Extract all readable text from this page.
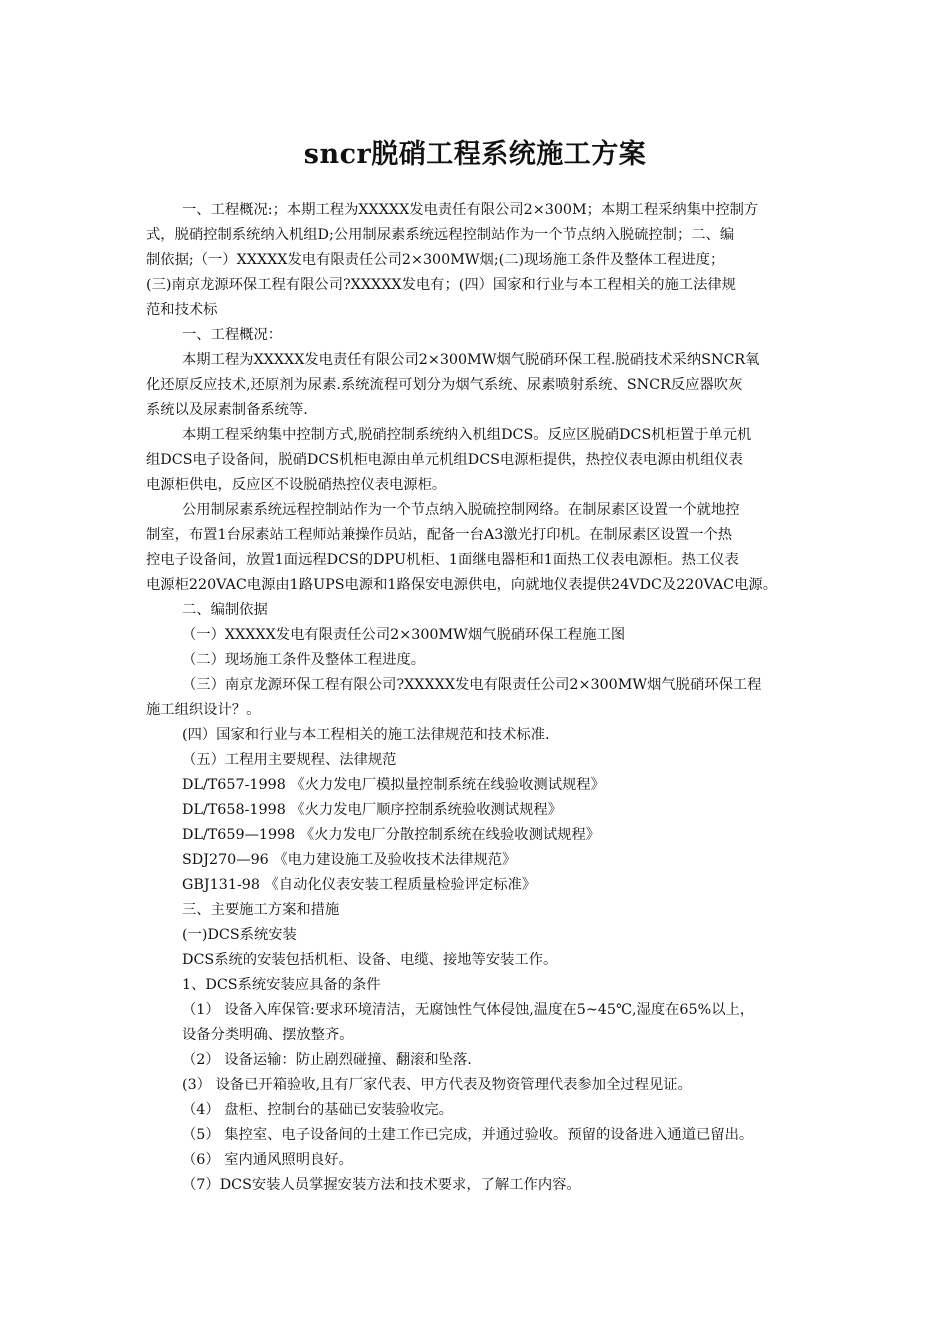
sncr脱硝工程系统施工方案
一、工程概况:；本期工程为XXXXX发电责任有限公司2×300M；本期工程采纳集中控制方
式，脱硝控制系统纳入机组D;公用制尿素系统远程控制站作为一个节点纳入脱硫控制；二、编
制依据;（一）XXXXX发电有限责任公司2×300MW烟;(二)现场施工条件及整体工程进度；
(三)南京龙源环保工程有限公司?XXXXX发电有；(四）国家和行业与本工程相关的施工法律规
范和技术标
一、工程概况：
本期工程为XXXXX发电责任有限公司2×300MW烟气脱硝环保工程.脱硝技术采纳SNCR氧
化还原反应技术,还原剂为尿素.系统流程可划分为烟气系统、尿素喷射系统、SNCR反应器吹灰
系统以及尿素制备系统等.
本期工程采纳集中控制方式,脱硝控制系统纳入机组DCS。反应区脱硝DCS机柜置于单元机
组DCS电子设备间，脱硝DCS机柜电源由单元机组DCS电源柜提供，热控仪表电源由机组仪表
电源柜供电，反应区不设脱硝热控仪表电源柜。
公用制尿素系统远程控制站作为一个节点纳入脱硫控制网络。在制尿素区设置一个就地控
制室，布置1台尿素站工程师站兼操作员站，配备一台A3激光打印机。在制尿素区设置一个热
控电子设备间，放置1面远程DCS的DPU机柜、1面继电器柜和1面热工仪表电源柜。热工仪表
电源柜220VAC电源由1路UPS电源和1路保安电源供电，向就地仪表提供24VDC及220VAC电源。
二、编制依据
（一）XXXXX发电有限责任公司2×300MW烟气脱硝环保工程施工图
（二）现场施工条件及整体工程进度。
（三）南京龙源环保工程有限公司?XXXXX发电有限责任公司2×300MW烟气脱硝环保工程
施工组织设计？。
(四）国家和行业与本工程相关的施工法律规范和技术标准.
（五）工程用主要规程、法律规范
DL/T657-1998 《火力发电厂模拟量控制系统在线验收测试规程》
DL/T658-1998 《火力发电厂顺序控制系统验收测试规程》
DL/T659—1998 《火力发电厂分散控制系统在线验收测试规程》
SDJ270—96 《电力建设施工及验收技术法律规范》
GBJ131-98 《自动化仪表安装工程质量检验评定标准》
三、主要施工方案和措施
(一)DCS系统安装
DCS系统的安装包括机柜、设备、电缆、接地等安装工作。
1、DCS系统安装应具备的条件
（1） 设备入库保管:要求环境清洁，无腐蚀性气体侵蚀,温度在5~45℃,湿度在65%以上，
设备分类明确、摆放整齐。
（2） 设备运输：防止剧烈碰撞、翻滚和坠落.
(3） 设备已开箱验收,且有厂家代表、甲方代表及物资管理代表参加全过程见证。
（4） 盘柜、控制台的基础已安装验收完。
（5） 集控室、电子设备间的土建工作已完成，并通过验收。预留的设备进入通道已留出。
（6） 室内通风照明良好。
（7）DCS安装人员掌握安装方法和技术要求，了解工作内容。
